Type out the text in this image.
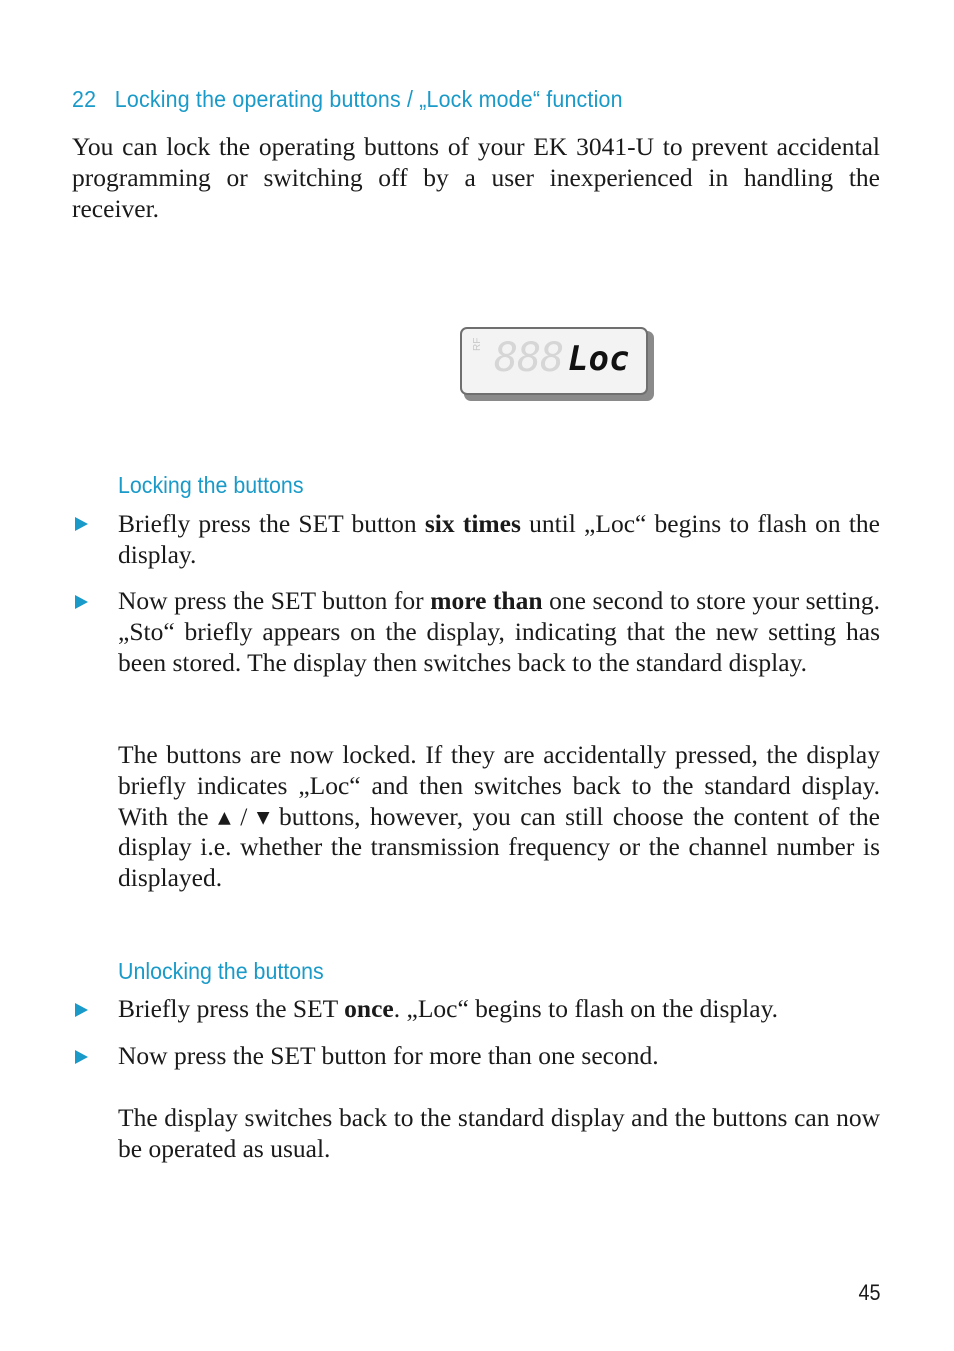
22 Locking the operating buttons / „Lock mode“ function
You can lock the operating buttons of your EK 3041-U to prevent accidental programming or switching off by a user inexperienced in handling the receiver.
RF 888 Loc
Locking the buttons
Briefly press the SET button six times until „Loc“ begins to flash on the display.
Now press the SET button for more than one second to store your setting. „Sto“ briefly appears on the display, indicating that the new setting has been stored. The display then switches back to the standard display.
The buttons are now locked. If they are accidentally pressed, the display briefly indicates „Loc“ and then switches back to the standard display. With the ▴ / ▾ buttons, however, you can still choose the content of the display i.e. whether the transmission frequency or the channel number is displayed.
Unlocking the buttons
Briefly press the SET once. „Loc“ begins to flash on the display.
Now press the SET button for more than one second.
The display switches back to the standard display and the buttons can now be operated as usual.
45
